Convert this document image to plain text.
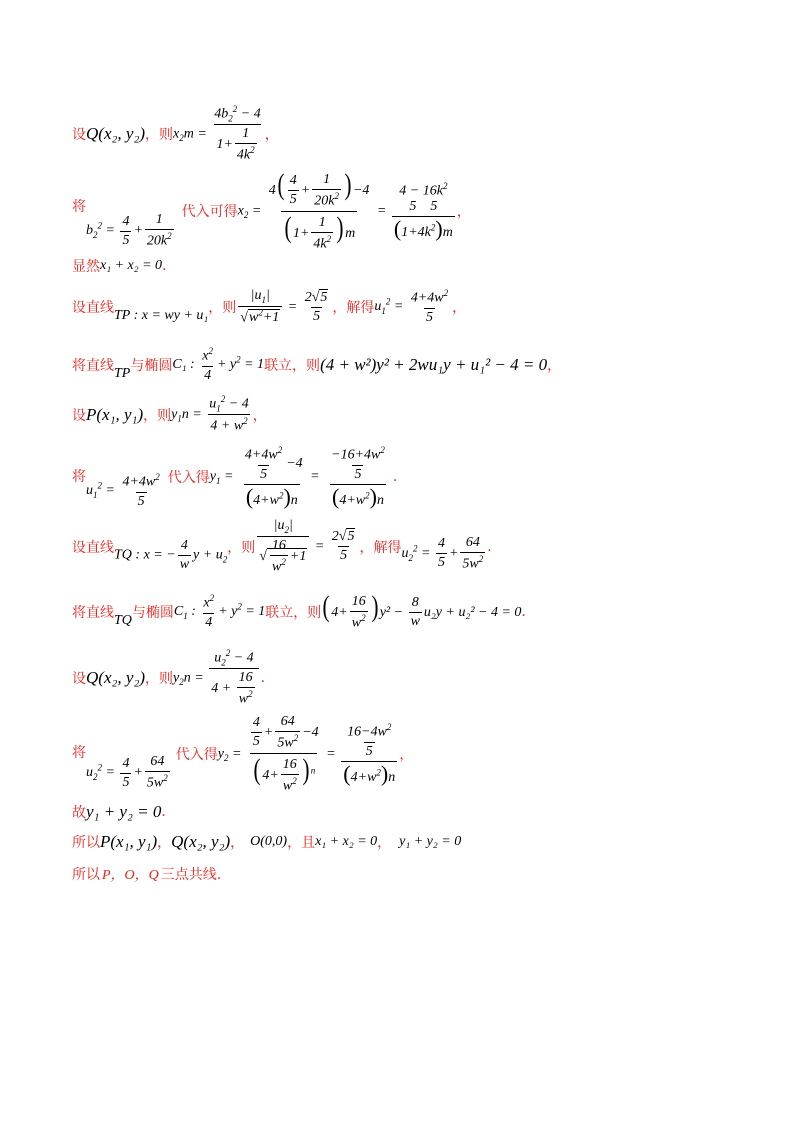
设 Q(x₂, y₂) ，则 $x_2m = \frac{4b_2^2 - 4}{1+ \frac{1}{4k^2}}$ ，
将
$b_2^2 = \frac{4}{5} + \frac{1}{20k^2}$
代入可得 $x_2 = \frac{4( \frac{4}{5} + \frac{1}{20k^2} ) -4}{( 1+ \frac{1}{4k^2} ) m}$ =
$4 - 16k^2$
5    5
$(1+4k^2)m$
，
显然 x₁ + x₂ = 0 .
设直线 TP : x = wy + u₁ ，则 $\frac{|u_1|}{√w^2+1} = \frac{2√5}{5}$ ，解得 $u_1^2 = \frac{4+4w^2}{5}$ ，
将直线 TP 与椭圆 C₁ : $\frac{x^2}{4} + y^2 = 1$ 联立，则 (4 + w²)y² + 2wu₁y + u₁² − 4 = 0 ，
设 P(x₁, y₁) ，则 $y_1n = \frac{u_1^2 - 4}{4 + w^2}$ ，
将
$u_1^2 = \frac{4+4w^2}{5}$ 代入得 $y_1 = \frac{\frac{4+4w^2}{5} -4}{(4+w^2)n} = \frac{\frac{-16+4w^2}{5}}{(4+w^2)n}$ .
设直线 TQ : x = − $\frac{4}{w}$ $y + u_2$
，则 $\frac{|u_2|}{√ \frac{16}{w^2} +1} = \frac{2√5}{5}$ ，解得 $u_2^2 = \frac{4}{5} + \frac{64}{5w^2}$ .
将直线 TQ 与椭圆 $C_1$ : $\frac{x^2}{4} + y^2 = 1$ 联立，则 ( $4+ \frac{16}{w^2}$ ) $y^2 - \frac{8}{w} u_2y + u_2^2 - 4 = 0$ .
设 Q(x₂, y₂) ，则 $y_2n = \frac{u_2^2 - 4}{4 + \frac{16}{w^2}}$ .
将
$u_2^2 = \frac{4}{5} + \frac{64}{5w^2}$ 代入得 $y_2 = \frac{\frac{4}{5} + \frac{64}{5w^2} -4}{( 4+ \frac{16}{w^2} ) ^n} = \frac{\frac{16-4w^2}{5}}{(4+w^2)n}$ ，
故 y₁ + y₂ = 0 .
所以 P(x₁, y₁) ， Q(x₂, y₂) ， O(0,0) ，且 x₁ + x₂ = 0 ， y₁ + y₂ = 0
所以 P，O，Q 三点共线.
